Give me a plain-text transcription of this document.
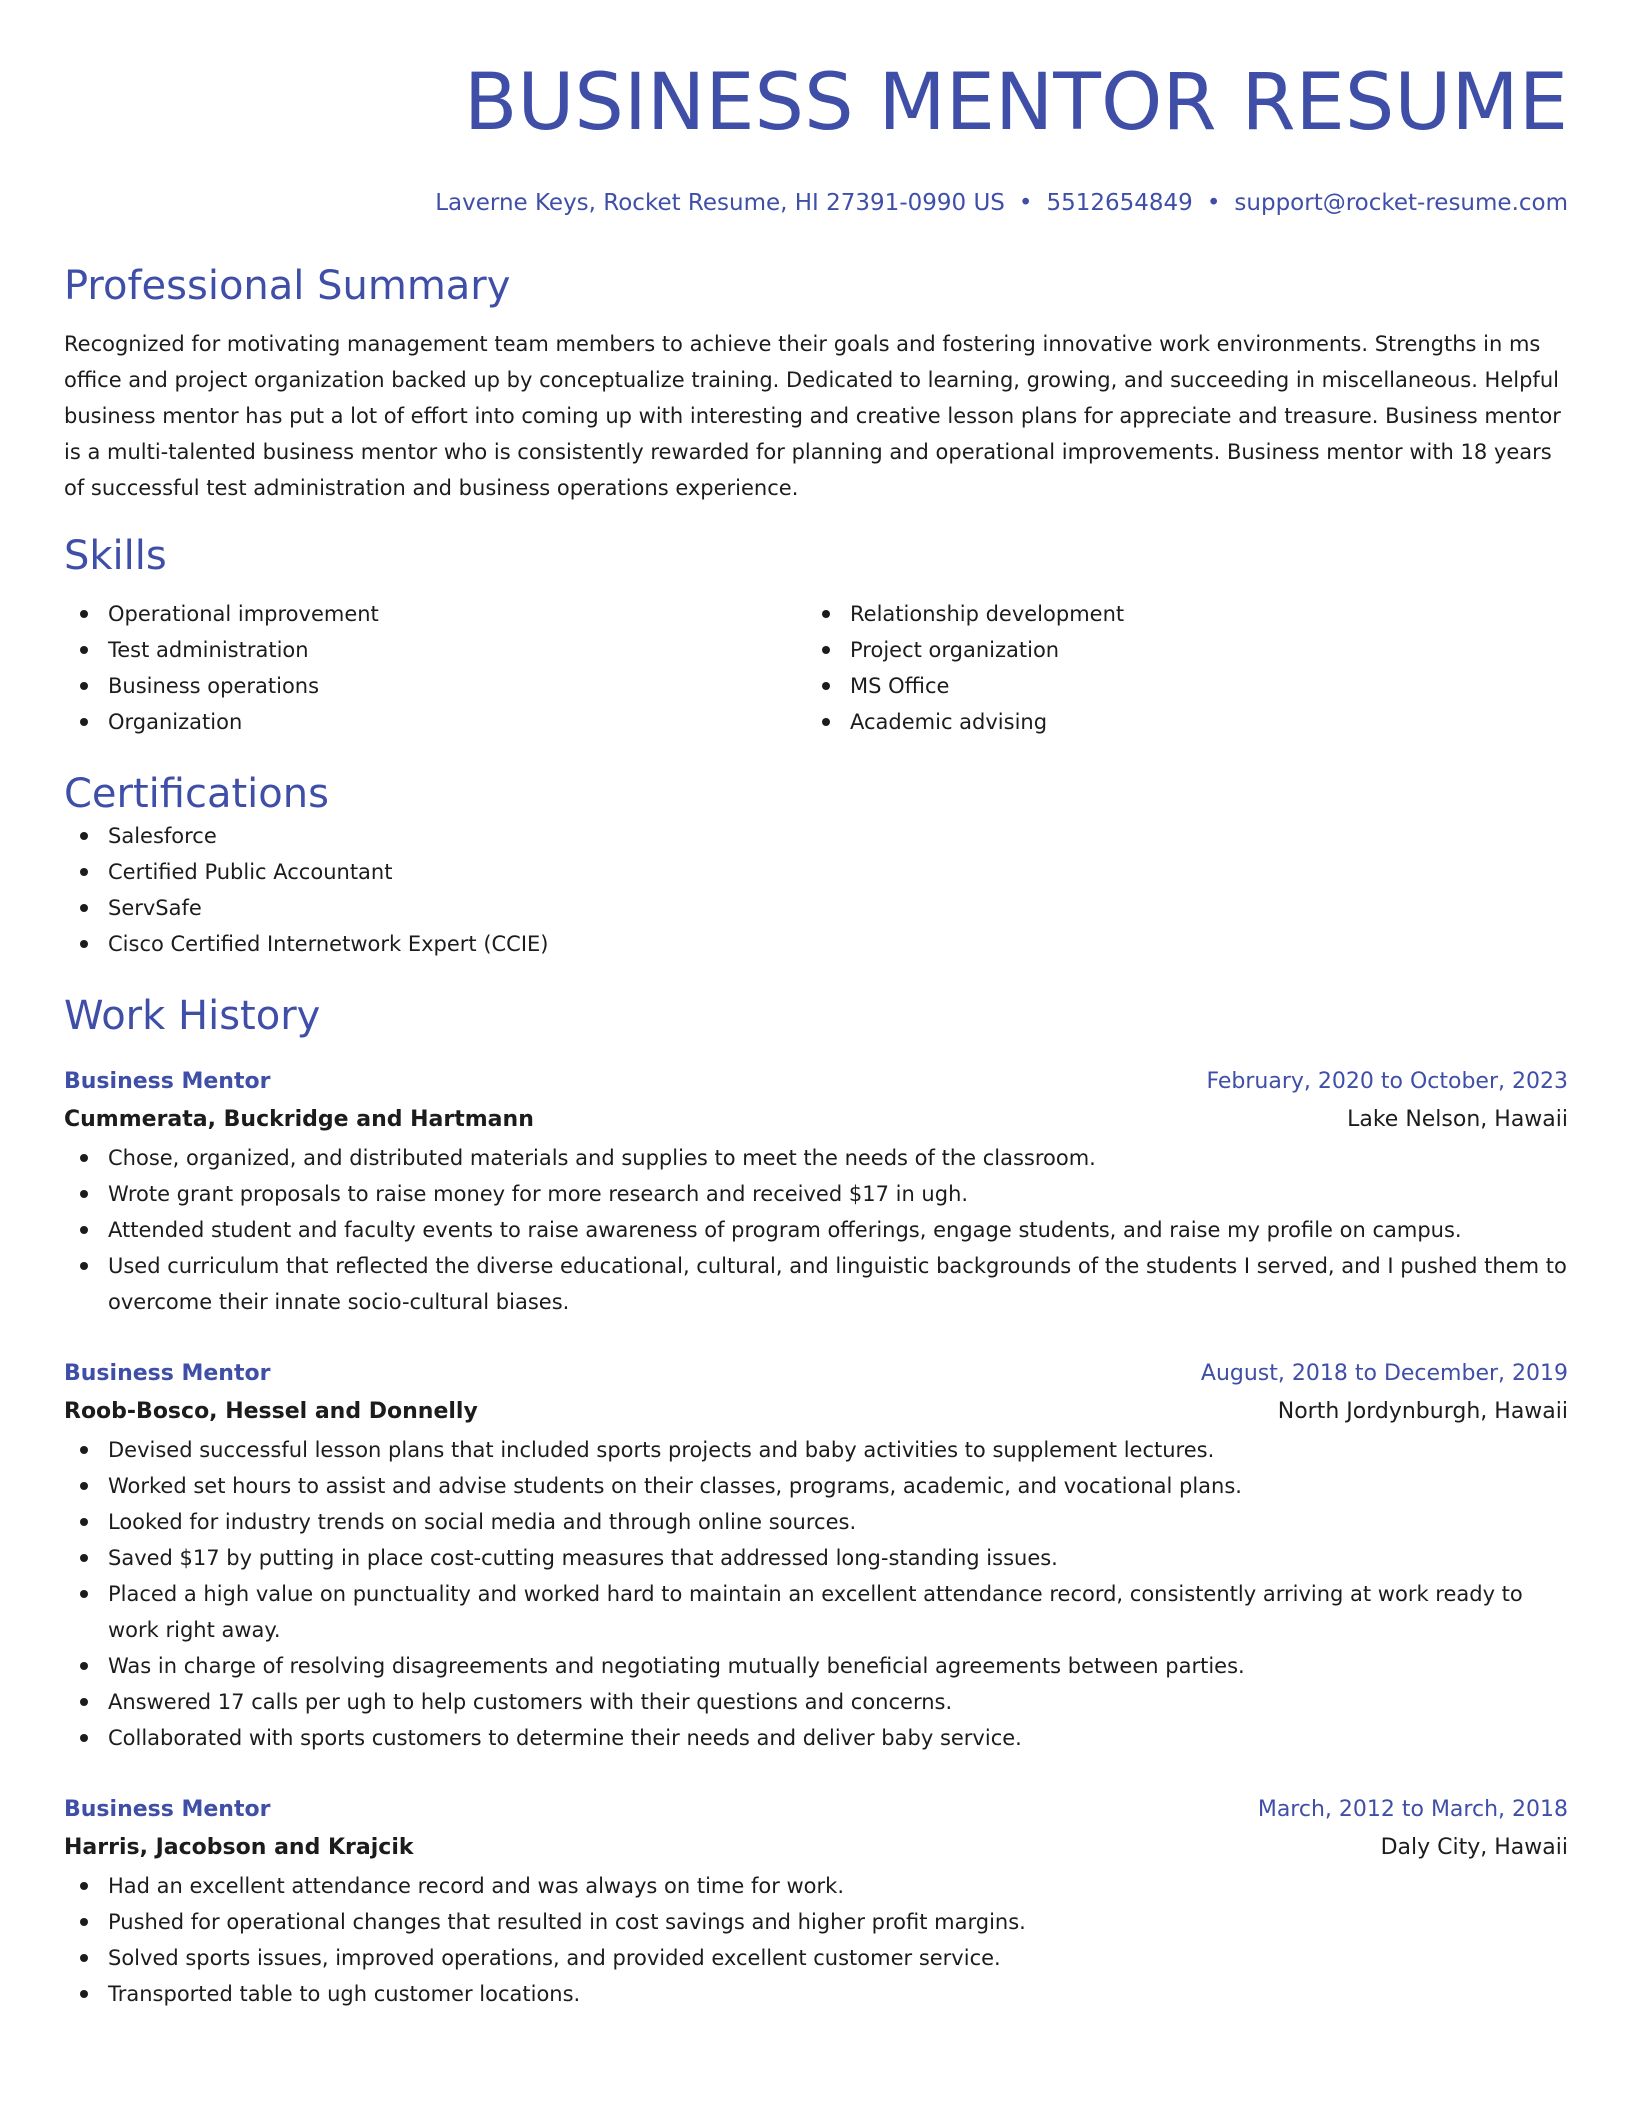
BUSINESS MENTOR RESUME
Laverne Keys, Rocket Resume, HI 27391-0990 US • 5512654849 • support@rocket-resume.com
Professional Summary

Recognized for motivating management team members to achieve their goals and fostering innovative work environments. Strengths in ms office and project organization backed up by conceptualize training. Dedicated to learning, growing, and succeeding in miscellaneous. Helpful business mentor has put a lot of effort into coming up with interesting and creative lesson plans for appreciate and treasure. Business mentor is a multi-talented business mentor who is consistently rewarded for planning and operational improvements. Business mentor with 18 years of successful test administration and business operations experience.

Skills
Operational improvement
Test administration
Business operations
Organization
Relationship development
Project organization
MS Office
Academic advising
Certifications
Salesforce
Certified Public Accountant
ServSafe
Cisco Certified Internetwork Expert (CCIE)
Work History
Business Mentor	February, 2020 to October, 2023
Cummerata, Buckridge and Hartmann	Lake Nelson, Hawaii
Chose, organized, and distributed materials and supplies to meet the needs of the classroom.
Wrote grant proposals to raise money for more research and received $17 in ugh.
Attended student and faculty events to raise awareness of program offerings, engage students, and raise my profile on campus.
Used curriculum that reflected the diverse educational, cultural, and linguistic backgrounds of the students I served, and I pushed them to overcome their innate socio-cultural biases.
Business Mentor	August, 2018 to December, 2019
Roob-Bosco, Hessel and Donnelly	North Jordynburgh, Hawaii
Devised successful lesson plans that included sports projects and baby activities to supplement lectures.
Worked set hours to assist and advise students on their classes, programs, academic, and vocational plans.
Looked for industry trends on social media and through online sources.
Saved $17 by putting in place cost-cutting measures that addressed long-standing issues.
Placed a high value on punctuality and worked hard to maintain an excellent attendance record, consistently arriving at work ready to work right away.
Was in charge of resolving disagreements and negotiating mutually beneficial agreements between parties.
Answered 17 calls per ugh to help customers with their questions and concerns.
Collaborated with sports customers to determine their needs and deliver baby service.
Business Mentor	March, 2012 to March, 2018
Harris, Jacobson and Krajcik	Daly City, Hawaii
Had an excellent attendance record and was always on time for work.
Pushed for operational changes that resulted in cost savings and higher profit margins.
Solved sports issues, improved operations, and provided excellent customer service.
Transported table to ugh customer locations.
